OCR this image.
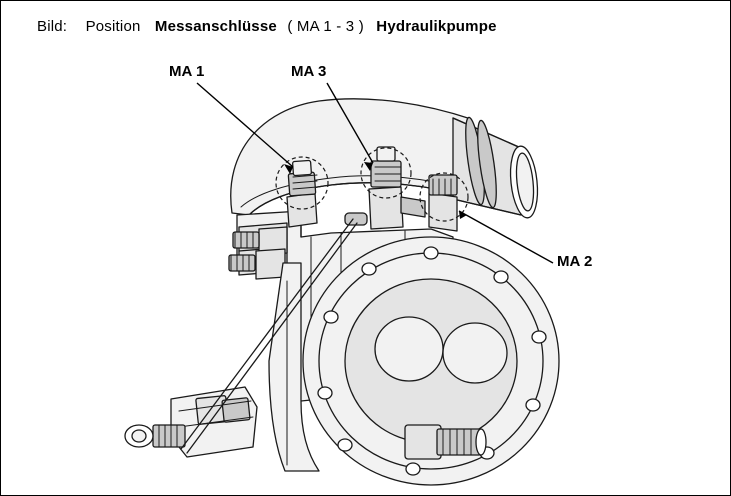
Bild: Position Messanschlüsse ( MA 1 - 3 ) Hydraulikpumpe
MA 1	MA 3
MA 2
